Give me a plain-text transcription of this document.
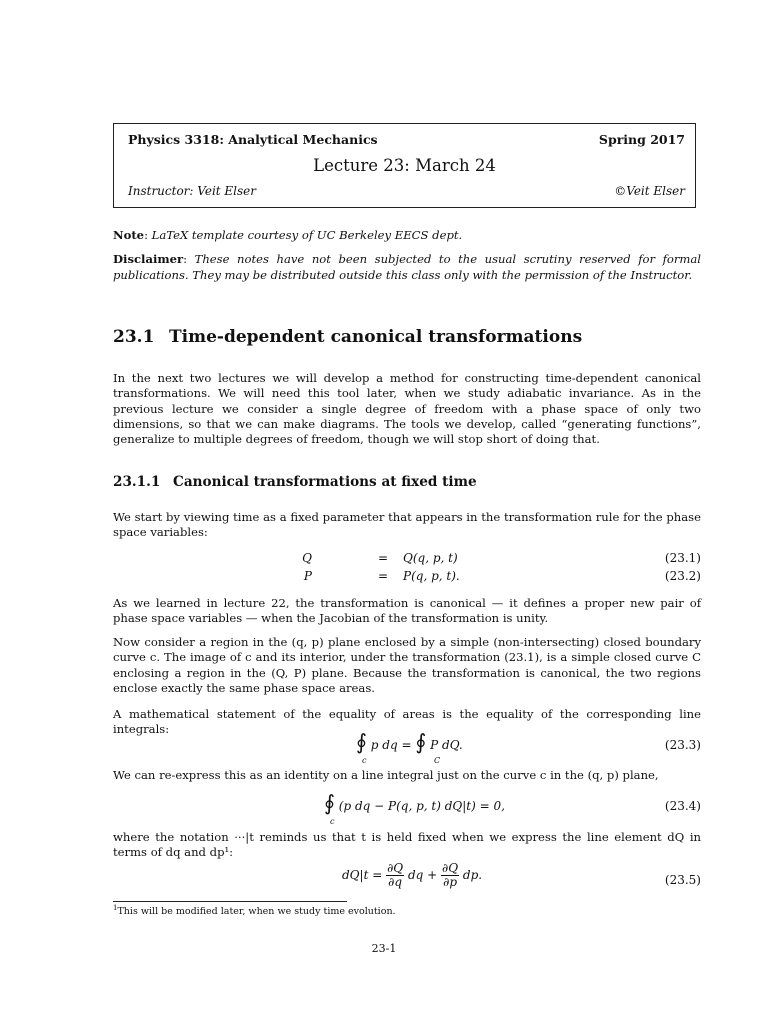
Physics 3318: Analytical Mechanics	Spring 2017
Lecture 23: March 24
Instructor: Veit Elser	©Veit Elser
Note: LaTeX template courtesy of UC Berkeley EECS dept.
Disclaimer: These notes have not been subjected to the usual scrutiny reserved for formal publications. They may be distributed outside this class only with the permission of the Instructor.
23.1 Time-dependent canonical transformations
In the next two lectures we will develop a method for constructing time-dependent canonical transformations. We will need this tool later, when we study adiabatic invariance. As in the previous lecture we consider a single degree of freedom with a phase space of only two dimensions, so that we can make diagrams. The tools we develop, called “generating functions”, generalize to multiple degrees of freedom, though we will stop short of doing that.
23.1.1 Canonical transformations at fixed time
We start by viewing time as a fixed parameter that appears in the transformation rule for the phase space variables:
Q	= Q(q, p, t)	(23.1)
P	= P(q, p, t).	(23.2)
As we learned in lecture 22, the transformation is canonical — it defines a proper new pair of phase space variables — when the Jacobian of the transformation is unity.
Now consider a region in the (q, p) plane enclosed by a simple (non-intersecting) closed boundary curve c. The image of c and its interior, under the transformation (23.1), is a simple closed curve C enclosing a region in the (Q, P) plane. Because the transformation is canonical, the two regions enclose exactly the same phase space areas.
A mathematical statement of the equality of areas is the equality of the corresponding line integrals:
∮
c
p dq = ∮
C
P dQ.	(23.3)
We can re-express this as an identity on a line integral just on the curve c in the (q, p) plane,
∮
c
(p dq − P(q, p, t) dQ|t) = 0,	(23.4)
where the notation ···|t reminds us that t is held fixed when we express the line element dQ in terms of dq and dp¹:
$dQ|t = \frac{\partial Q}{\partial q}$ dq + $\frac{\partial Q}{\partial p}$ dp.	(23.5)
$^1$This will be modified later, when we study time evolution.
23-1
